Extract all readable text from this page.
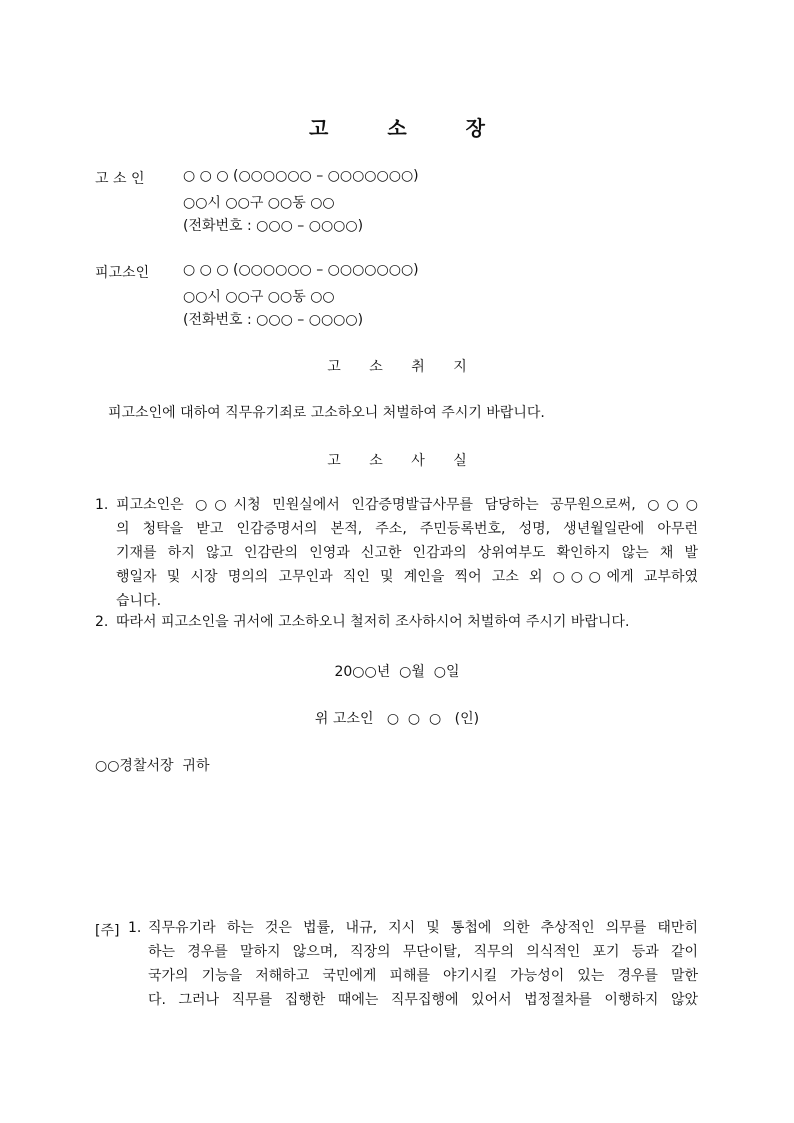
고 소 장
고 소 인	○ ○ ○ (○○○○○○ – ○○○○○○○)
○○시 ○○구 ○○동 ○○
(전화번호 : ○○○ – ○○○○)
피고소인 ○ ○ ○ (○○○○○○ – ○○○○○○○)
○○시 ○○구 ○○동 ○○
(전화번호 : ○○○ – ○○○○)
고 소 취 지
피고소인에 대하여 직무유기죄로 고소하오니 처벌하여 주시기 바랍니다.
고 소 사 실
1. 피고소인은 ○○시청 민원실에서 인감증명발급사무를 담당하는 공무원으로써, ○○○
의 청탁을 받고 인감증명서의 본적, 주소, 주민등록번호, 성명, 생년월일란에 아무런
기재를 하지 않고 인감란의 인영과 신고한 인감과의 상위여부도 확인하지 않는 채 발
행일자 및 시장 명의의 고무인과 직인 및 계인을 찍어 고소 외 ○○○에게 교부하였
습니다.
2. 따라서 피고소인을 귀서에 고소하오니 철저히 조사하시어 처벌하여 주시기 바랍니다.
20○○년  ○월  ○일
위 고소인   ○  ○  ○   (인)
○○경찰서장  귀하
[주] 1. 직무유기라 하는 것은 법률, 내규, 지시 및 통첩에 의한 추상적인 의무를 태만히
하는 경우를 말하지 않으며, 직장의 무단이탈, 직무의 의식적인 포기 등과 같이
국가의 기능을 저해하고 국민에게 피해를 야기시킬 가능성이 있는 경우를 말한
다. 그러나 직무를 집행한 때에는 직무집행에 있어서 법정절차를 이행하지 않았
